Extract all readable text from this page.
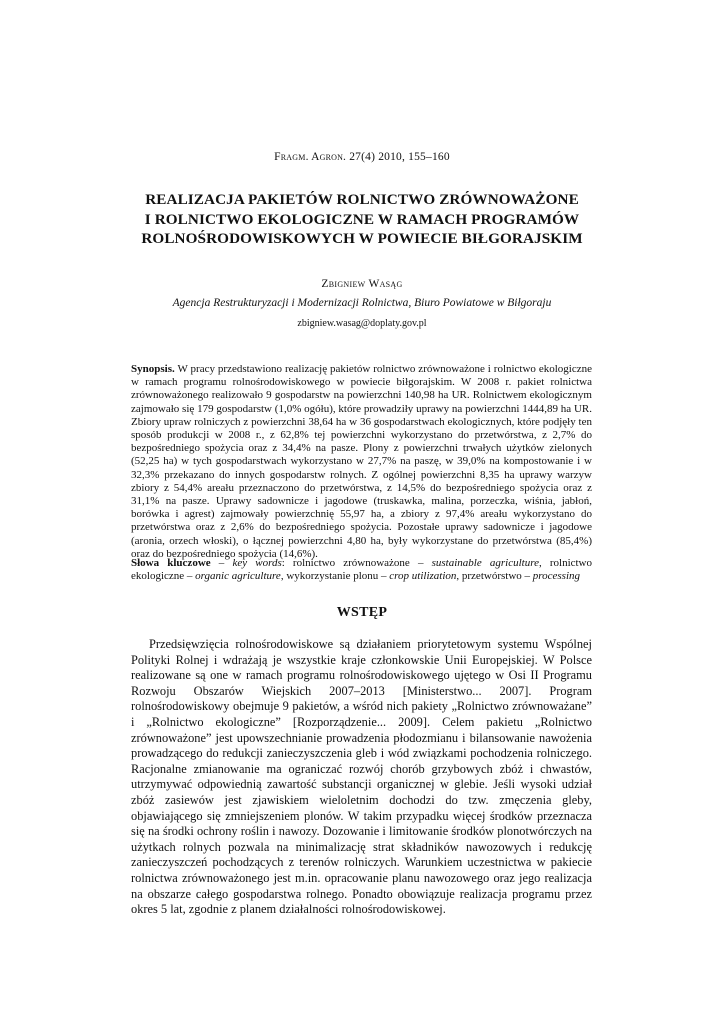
Fragm. Agron. 27(4) 2010, 155–160
REALIZACJA PAKIETÓW ROLNICTWO ZRÓWNOWAŻONE
I ROLNICTWO EKOLOGICZNE W RAMACH PROGRAMÓW
ROLNOŚRODOWISKOWYCH W POWIECIE BIŁGORAJSKIM
Zbigniew Wasąg
Agencja Restrukturyzacji i Modernizacji Rolnictwa, Biuro Powiatowe w Biłgoraju
zbigniew.wasag@doplaty.gov.pl

Synopsis. W pracy przedstawiono realizację pakietów rolnictwo zrównoważone i rolnictwo ekologiczne w ramach programu rolnośrodowiskowego w powiecie biłgorajskim. W 2008 r. pakiet rolnictwa zrównoważonego realizowało 9 gospodarstw na powierzchni 140,98 ha UR. Rolnictwem ekologicznym zajmowało się 179 gospodarstw (1,0% ogółu), które prowadziły uprawy na powierzchni 1444,89 ha UR. Zbiory upraw rolniczych z powierzchni 38,64 ha w 36 gospodarstwach ekologicznych, które podjęły ten sposób produkcji w 2008 r., z 62,8% tej powierzchni wykorzystano do przetwórstwa, z 2,7% do bezpośredniego spożycia oraz z 34,4% na pasze. Plony z powierzchni trwałych użytków zielonych (52,25 ha) w tych gospodarstwach wykorzystano w 27,7% na paszę, w 39,0% na kompostowanie i w 32,3% przekazano do innych gospodarstw rolnych. Z ogólnej powierzchni 8,35 ha uprawy warzyw zbiory z 54,4% areału przeznaczono do przetwórstwa, z 14,5% do bezpośredniego spożycia oraz z 31,1% na pasze. Uprawy sadownicze i jagodowe (truskawka, malina, porzeczka, wiśnia, jabłoń, borówka i agrest) zajmowały powierzchnię 55,97 ha, a zbiory z 97,4% areału wykorzystano do przetwórstwa oraz z 2,6% do bezpośredniego spożycia. Pozostałe uprawy sadownicze i jagodowe (aronia, orzech włoski), o łącznej powierzchni 4,80 ha, były wykorzystane do przetwórstwa (85,4%) oraz do bezpośredniego spożycia (14,6%).

Słowa kluczowe – key words: rolnictwo zrównoważone – sustainable agriculture, rolnictwo ekologiczne – organic agriculture, wykorzystanie plonu – crop utilization, przetwórstwo – processing

WSTĘP

Przedsięwzięcia rolnośrodowiskowe są działaniem priorytetowym systemu Wspólnej Polityki Rolnej i wdrażają je wszystkie kraje członkowskie Unii Europejskiej. W Polsce realizowane są one w ramach programu rolnośrodowiskowego ujętego w Osi II Programu Rozwoju Obszarów Wiejskich 2007–2013 [Ministerstwo... 2007]. Program rolnośrodowiskowy obejmuje 9 pakietów, a wśród nich pakiety „Rolnictwo zrównoważane” i „Rolnictwo ekologiczne” [Rozporządzenie... 2009]. Celem pakietu „Rolnictwo zrównoważone” jest upowszechnianie prowadzenia płodozmianu i bilansowanie nawożenia prowadzącego do redukcji zanieczyszczenia gleb i wód związkami pochodzenia rolniczego. Racjonalne zmianowanie ma ograniczać rozwój chorób grzybowych zbóż i chwastów, utrzymywać odpowiednią zawartość substancji organicznej w glebie. Jeśli wysoki udział zbóż zasiewów jest zjawiskiem wieloletnim dochodzi do tzw. zmęczenia gleby, objawiającego się zmniejszeniem plonów. W takim przypadku więcej środków przeznacza się na środki ochrony roślin i nawozy. Dozowanie i limitowanie środków plonotwórczych na użytkach rolnych pozwala na minimalizację strat składników nawozowych i redukcję zanieczyszczeń pochodzących z terenów rolniczych. Warunkiem uczestnictwa w pakiecie rolnictwa zrównoważonego jest m.in. opracowanie planu nawozowego oraz jego realizacja na obszarze całego gospodarstwa rolnego. Ponadto obowiązuje realizacja programu przez okres 5 lat, zgodnie z planem działalności rolnośrodowiskowej.
